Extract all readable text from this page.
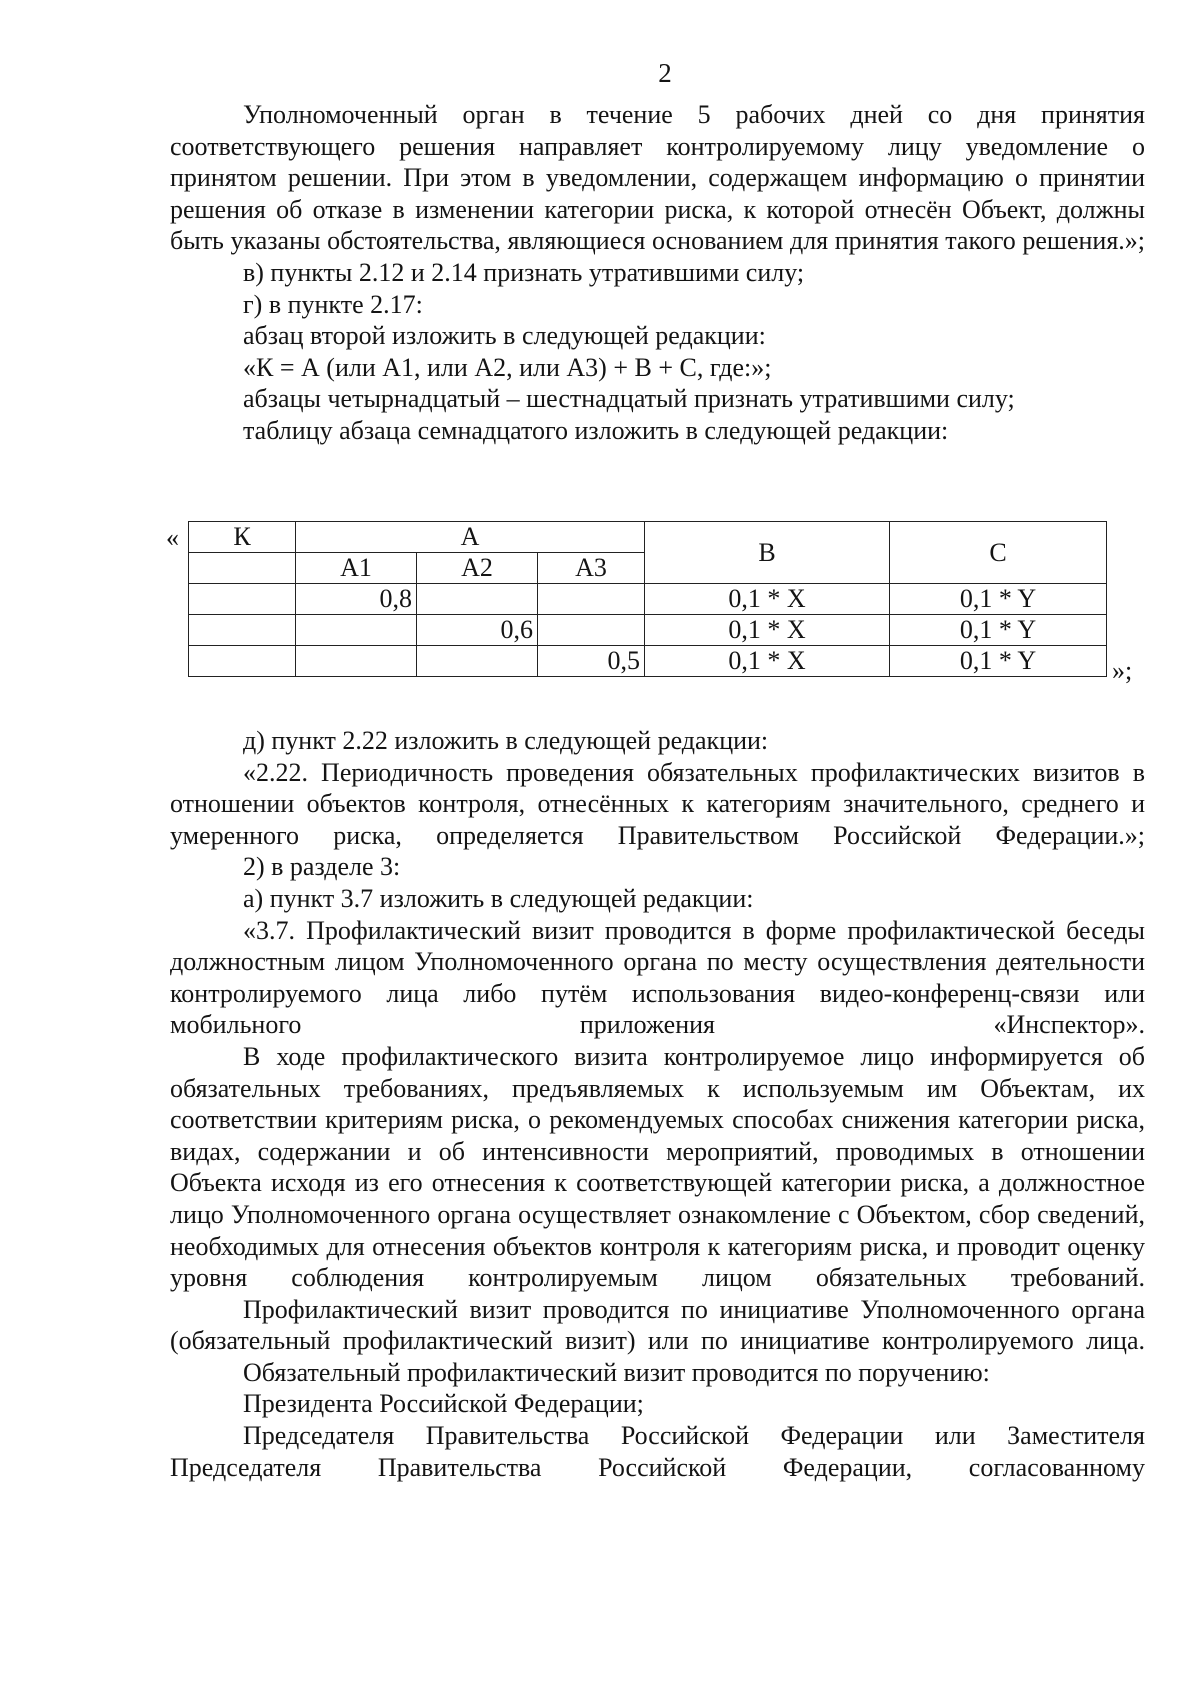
2

Уполномоченный орган в течение 5 рабочих дней со дня принятия соответствующего решения направляет контролируемому лицу уведомление о принятом решении. При этом в уведомлении, содержащем информацию о принятии решения об отказе в изменении категории риска, к которой отнесён Объект, должны быть указаны обстоятельства, являющиеся основанием для принятия такого решения.»;

в) пункты 2.12 и 2.14 признать утратившими силу;

г) в пункте 2.17:

абзац второй изложить в следующей редакции:

«К = А (или А1, или А2, или А3) + В + С, где:»;

абзацы четырнадцатый – шестнадцатый признать утратившими силу;

таблицу абзаца семнадцатого изложить в следующей редакции:

« К	А			В	С
	А1	А2	А3		
	0,8			0,1 * X	0,1 * Y
		0,6		0,1 * X	0,1 * Y
			0,5	0,1 * X	0,1 * Y	»;

д) пункт 2.22 изложить в следующей редакции:

«2.22. Периодичность проведения обязательных профилактических визитов в отношении объектов контроля, отнесённых к категориям значительного, среднего и умеренного риска, определяется Правительством Российской Федерации.»;

2) в разделе 3:

а) пункт 3.7 изложить в следующей редакции:

«3.7. Профилактический визит проводится в форме профилактической беседы должностным лицом Уполномоченного органа по месту осуществления деятельности контролируемого лица либо путём использования видео-конференц-связи или мобильного приложения «Инспектор».

В ходе профилактического визита контролируемое лицо информируется об обязательных требованиях, предъявляемых к используемым им Объектам, их соответствии критериям риска, о рекомендуемых способах снижения категории риска, видах, содержании и об интенсивности мероприятий, проводимых в отношении Объекта исходя из его отнесения к соответствующей категории риска, а должностное лицо Уполномоченного органа осуществляет ознакомление с Объектом, сбор сведений, необходимых для отнесения объектов контроля к категориям риска, и проводит оценку уровня соблюдения контролируемым лицом обязательных требований.

Профилактический визит проводится по инициативе Уполномоченного органа (обязательный профилактический визит) или по инициативе контролируемого лица.

Обязательный профилактический визит проводится по поручению:

Президента Российской Федерации;

Председателя Правительства Российской Федерации или Заместителя Председателя Правительства Российской Федерации, согласованному
